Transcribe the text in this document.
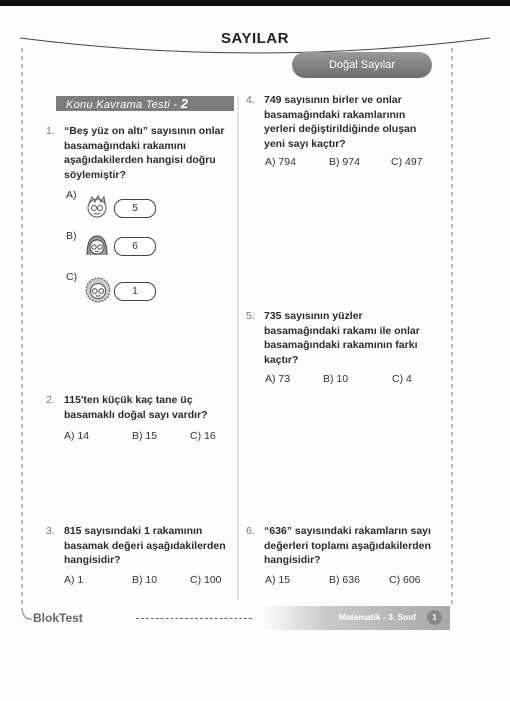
SAYILAR
Doğal Sayılar
Konu Kavrama Testi - 2
1. “Beş yüz on altı” sayısının onlar basamağındaki rakamını aşağıdakilerden hangisi doğru söylemiştir?
A)
5
B)
6
C)
1
2. 115'ten küçük kaç tane üç basamaklı doğal sayı vardır?
A) 14	B) 15	C) 16
3. 815 sayısındaki 1 rakamının basamak değeri aşağıdakilerden hangisidir?
A) 1	B) 10	C) 100
4. 749 sayısının birler ve onlar basamağındaki rakamlarının yerleri değiştirildiğinde oluşan yeni sayı kaçtır?
A) 794	B) 974	C) 497
5. 735 sayısının yüzler basamağındaki rakamı ile onlar basamağındaki rakamının farkı kaçtır?
A) 73	B) 10	C) 4
6. “636” sayısındaki rakamların sayı değerleri toplamı aşağıdakilerden hangisidir?
A) 15	B) 636	C) 606
BlokTest	Matematik - 3. Sınıf	1
